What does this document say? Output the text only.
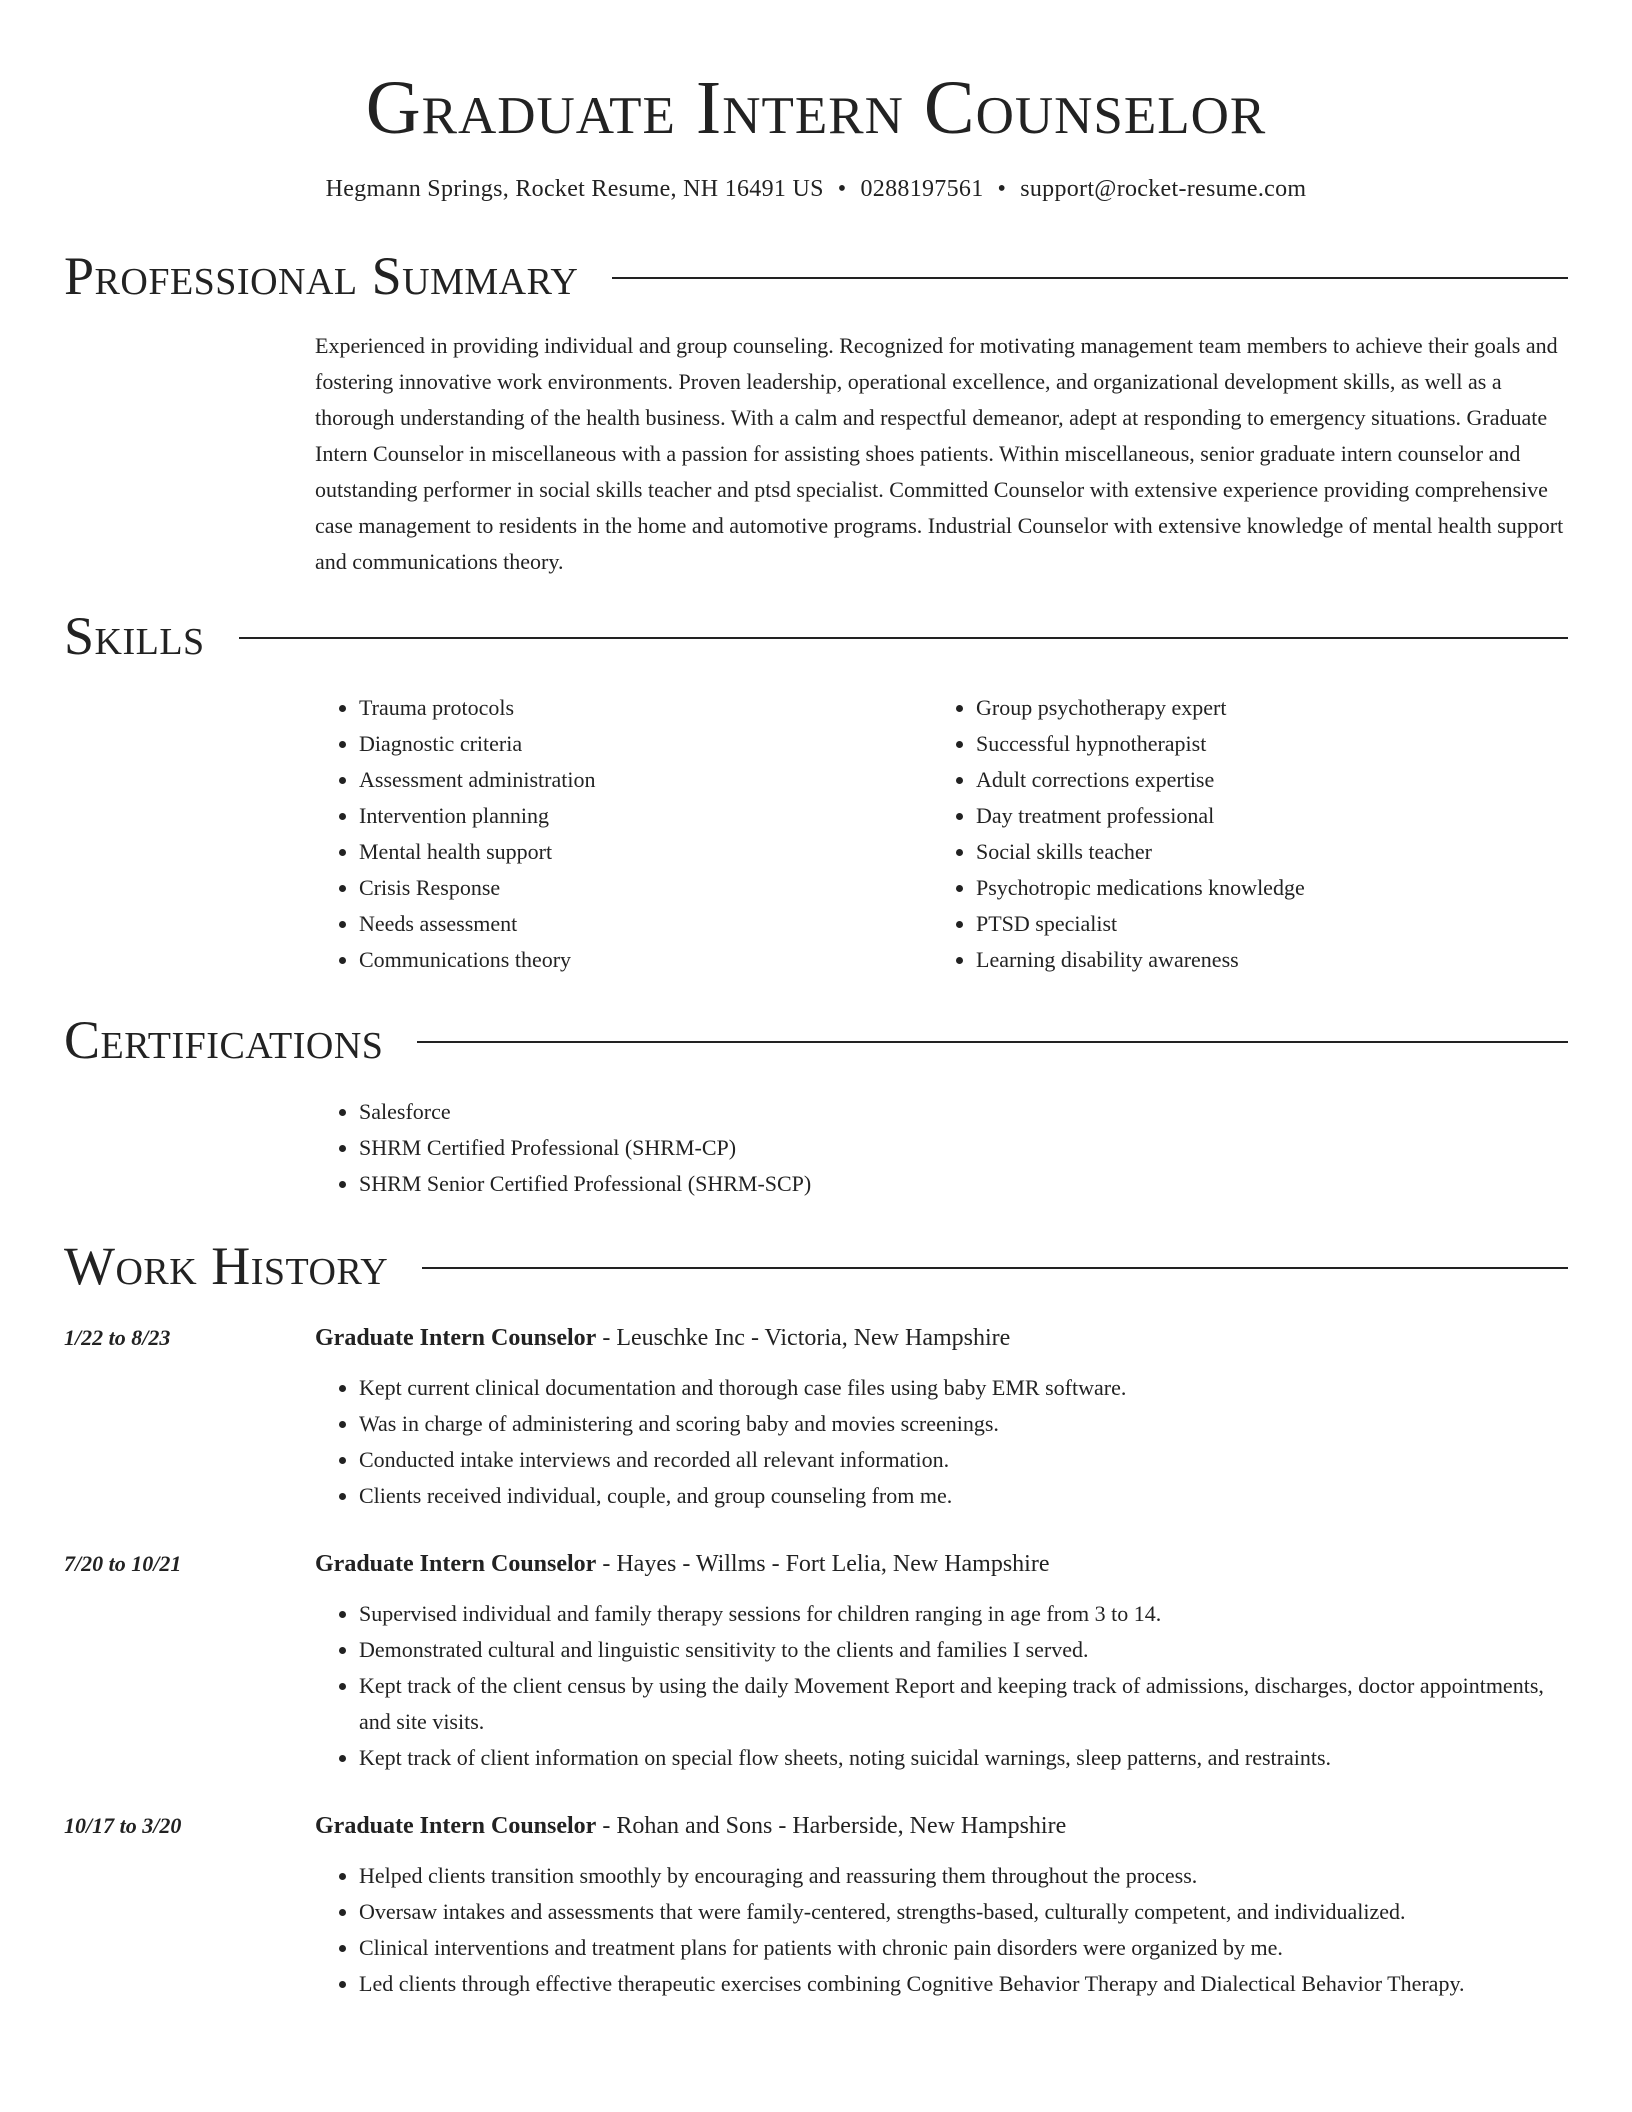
Graduate Intern Counselor
Hegmann Springs, Rocket Resume, NH 16491 US • 0288197561 • support@rocket-resume.com
Professional Summary
Experienced in providing individual and group counseling. Recognized for motivating management team members to achieve their goals and fostering innovative work environments. Proven leadership, operational excellence, and organizational development skills, as well as a thorough understanding of the health business. With a calm and respectful demeanor, adept at responding to emergency situations. Graduate Intern Counselor in miscellaneous with a passion for assisting shoes patients. Within miscellaneous, senior graduate intern counselor and outstanding performer in social skills teacher and ptsd specialist. Committed Counselor with extensive experience providing comprehensive case management to residents in the home and automotive programs. Industrial Counselor with extensive knowledge of mental health support and communications theory.
Skills
• Trauma protocols
• Diagnostic criteria
• Assessment administration
• Intervention planning
• Mental health support
• Crisis Response
• Needs assessment
• Communications theory
• Group psychotherapy expert
• Successful hypnotherapist
• Adult corrections expertise
• Day treatment professional
• Social skills teacher
• Psychotropic medications knowledge
• PTSD specialist
• Learning disability awareness
Certifications
• Salesforce
• SHRM Certified Professional (SHRM-CP)
• SHRM Senior Certified Professional (SHRM-SCP)
Work History
1/22 to 8/23	Graduate Intern Counselor - Leuschke Inc - Victoria, New Hampshire
• Kept current clinical documentation and thorough case files using baby EMR software.
• Was in charge of administering and scoring baby and movies screenings.
• Conducted intake interviews and recorded all relevant information.
• Clients received individual, couple, and group counseling from me.
7/20 to 10/21	Graduate Intern Counselor - Hayes - Willms - Fort Lelia, New Hampshire
• Supervised individual and family therapy sessions for children ranging in age from 3 to 14.
• Demonstrated cultural and linguistic sensitivity to the clients and families I served.
• Kept track of the client census by using the daily Movement Report and keeping track of admissions, discharges, doctor appointments, and site visits.
• Kept track of client information on special flow sheets, noting suicidal warnings, sleep patterns, and restraints.
10/17 to 3/20	Graduate Intern Counselor - Rohan and Sons - Harberside, New Hampshire
• Helped clients transition smoothly by encouraging and reassuring them throughout the process.
• Oversaw intakes and assessments that were family-centered, strengths-based, culturally competent, and individualized.
• Clinical interventions and treatment plans for patients with chronic pain disorders were organized by me.
• Led clients through effective therapeutic exercises combining Cognitive Behavior Therapy and Dialectical Behavior Therapy.
